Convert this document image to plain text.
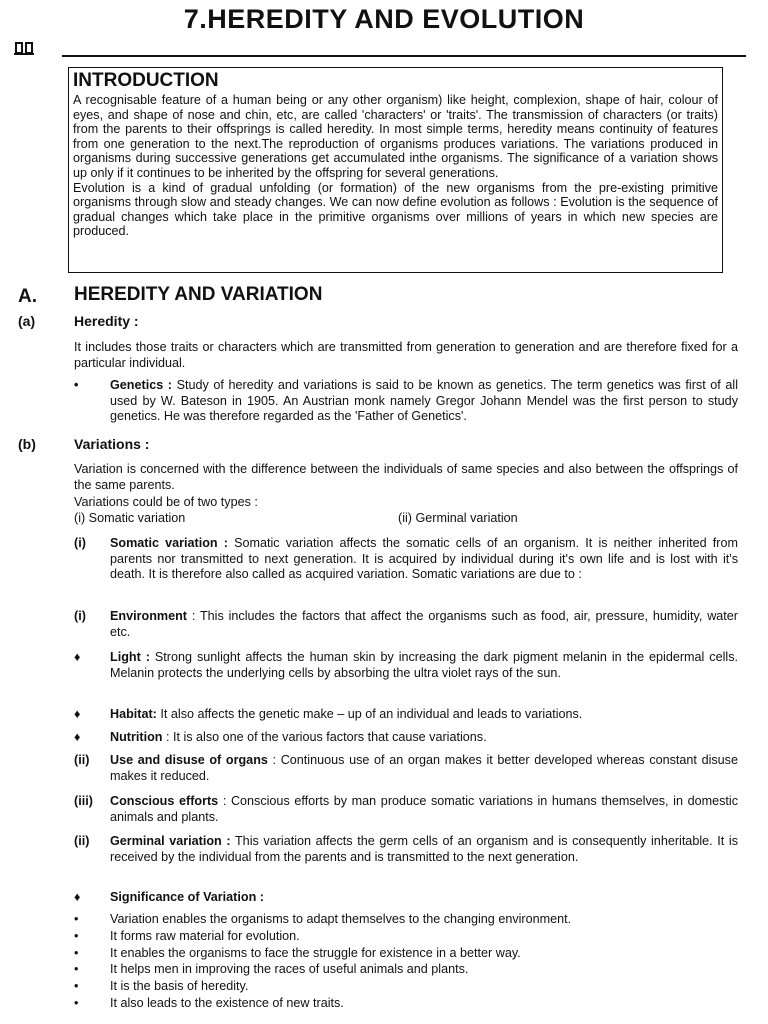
7.HEREDITY AND EVOLUTION
INTRODUCTION

A recognisable feature of a human being or any other organism) like height, complexion, shape of hair, colour of eyes, and shape of nose and chin, etc, are called 'characters' or 'traits'. The transmission of characters (or traits) from the parents to their offsprings is called heredity. In most simple terms, heredity means continuity of features from one generation to the next.The reproduction of organisms produces variations. The variations produced in organisms during successive generations get accumulated inthe organisms. The significance of a variation shows up only if it continues to be inherited by the offspring for several generations.

Evolution is a kind of gradual unfolding (or formation) of the new organisms from the pre-existing primitive organisms through slow and steady changes. We can now define evolution as follows : Evolution is the sequence of gradual changes which take place in the primitive organisms over millions of years in which new species are produced.

A. HEREDITY AND VARIATION
(a)	Heredity :

It includes those traits or characters which are transmitted from generation to generation and are therefore fixed for a particular individual.

•	Genetics : Study of heredity and variations is said to be known as genetics. The term genetics was first of all used by W. Bateson in 1905. An Austrian monk namely Gregor Johann Mendel was the first person to study genetics. He was therefore regarded as the 'Father of Genetics'.
(b)	Variations :

Variation is concerned with the difference between the individuals of same species and also between the offsprings of the same parents.

Variations could be of two types :

(i) Somatic variation	(ii) Germinal variation
(i) Somatic variation : Somatic variation affects the somatic cells of an organism. It is neither inherited from parents nor transmitted to next generation. It is acquired by individual during it's own life and is lost with it's death. It is therefore also called as acquired variation. Somatic variations are due to :
(i) Environment : This includes the factors that affect the organisms such as food, air, pressure, humidity, water etc.
♦ Light : Strong sunlight affects the human skin by increasing the dark pigment melanin in the epidermal cells. Melanin protects the underlying cells by absorbing the ultra violet rays of the sun.
♦ Habitat: It also affects the genetic make – up of an individual and leads to variations.
♦ Nutrition : It is also one of the various factors that cause variations.
(ii) Use and disuse of organs : Continuous use of an organ makes it better developed whereas constant disuse makes it reduced.
(iii) Conscious efforts : Conscious efforts by man produce somatic variations in humans themselves, in domestic animals and plants.
(ii) Germinal variation : This variation affects the germ cells of an organism and is consequently inheritable. It is received by the individual from the parents and is transmitted to the next generation.
♦ Significance of Variation :
•	Variation enables the organisms to adapt themselves to the changing environment.
•	It forms raw material for evolution.
•	It enables the organisms to face the struggle for existence in a better way.
•	It helps men in improving the races of useful animals and plants.
•	It is the basis of heredity.
•	It also leads to the existence of new traits.
